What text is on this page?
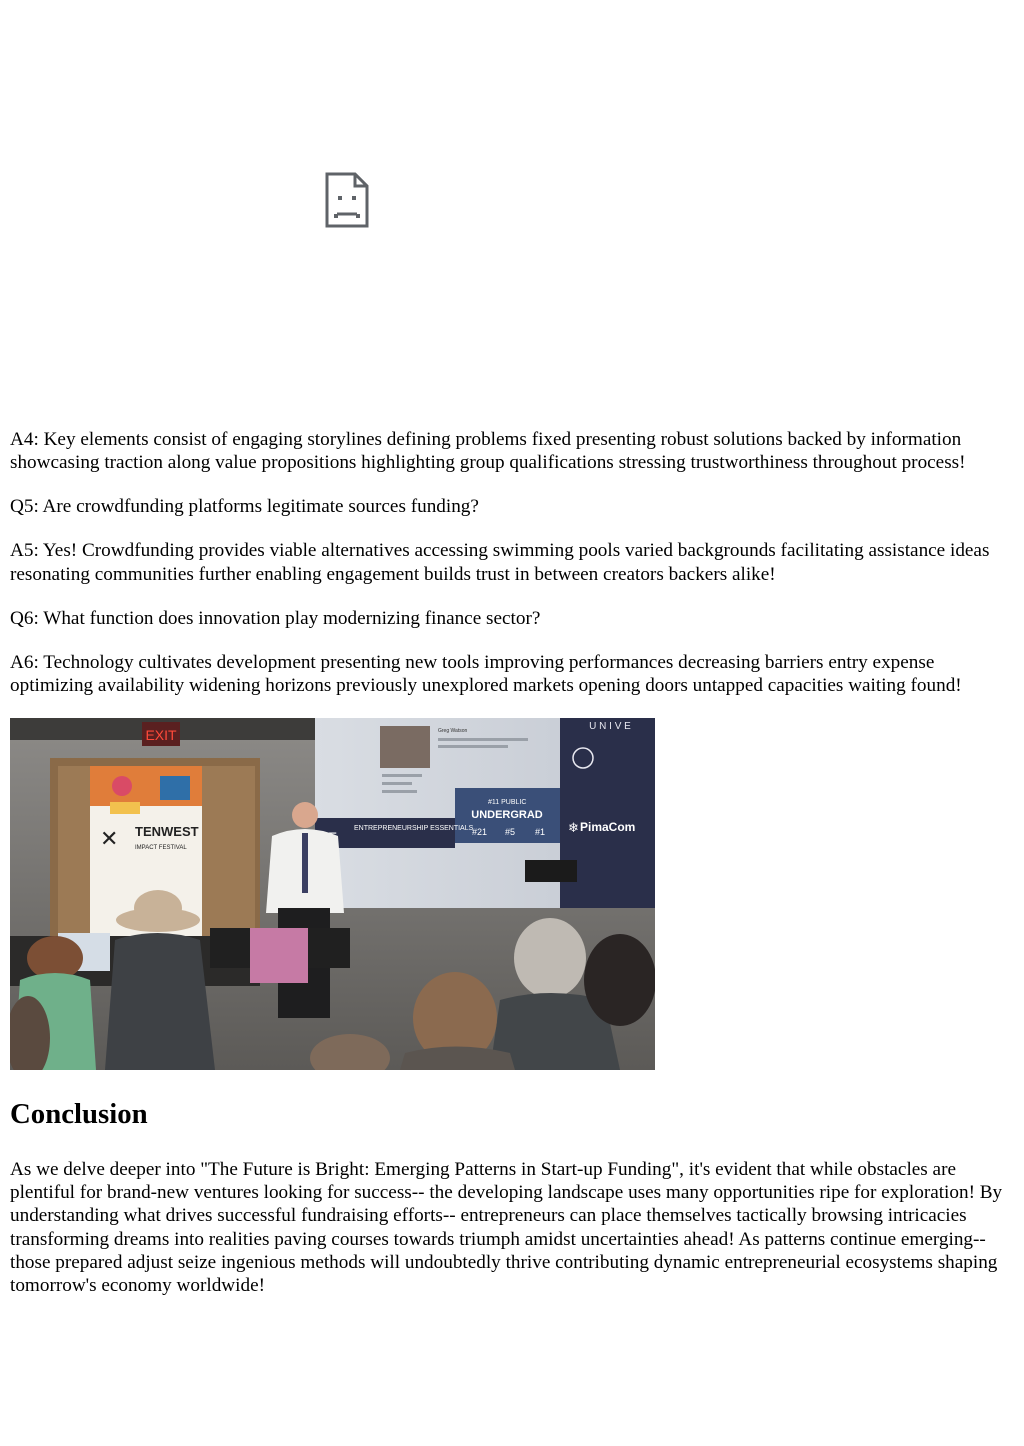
A4: Key elements consist of engaging storylines defining problems fixed presenting robust solutions backed by information showcasing traction along value propositions highlighting group qualifications stressing trustworthiness throughout process!

Q5: Are crowdfunding platforms legitimate sources funding?

A5: Yes! Crowdfunding provides viable alternatives accessing swimming pools varied backgrounds facilitating assistance ideas resonating communities further enabling engagement builds trust in between creators backers alike!

Q6: What function does innovation play modernizing finance sector?

A6: Technology cultivates development presenting new tools improving performances decreasing barriers entry expense optimizing availability widening horizons previously unexplored markets opening doors untapped capacities waiting found!

EXIT
TENWEST
IMPACT FESTIVAL
✕
U N I V E
Greg Watson
#11 PUBLIC
UNDERGRAD
#21 #5 #1
ENTREPRENEURSHIP ESSENTIALS	PimaCom
❄
Conclusion

As we delve deeper into "The Future is Bright: Emerging Patterns in Start-up Funding", it's evident that while obstacles are plentiful for brand-new ventures looking for success-- the developing landscape uses many opportunities ripe for exploration! By understanding what drives successful fundraising efforts-- entrepreneurs can place themselves tactically browsing intricacies transforming dreams into realities paving courses towards triumph amidst uncertainties ahead! As patterns continue emerging-- those prepared adjust seize ingenious methods will undoubtedly thrive contributing dynamic entrepreneurial ecosystems shaping tomorrow's economy worldwide!
